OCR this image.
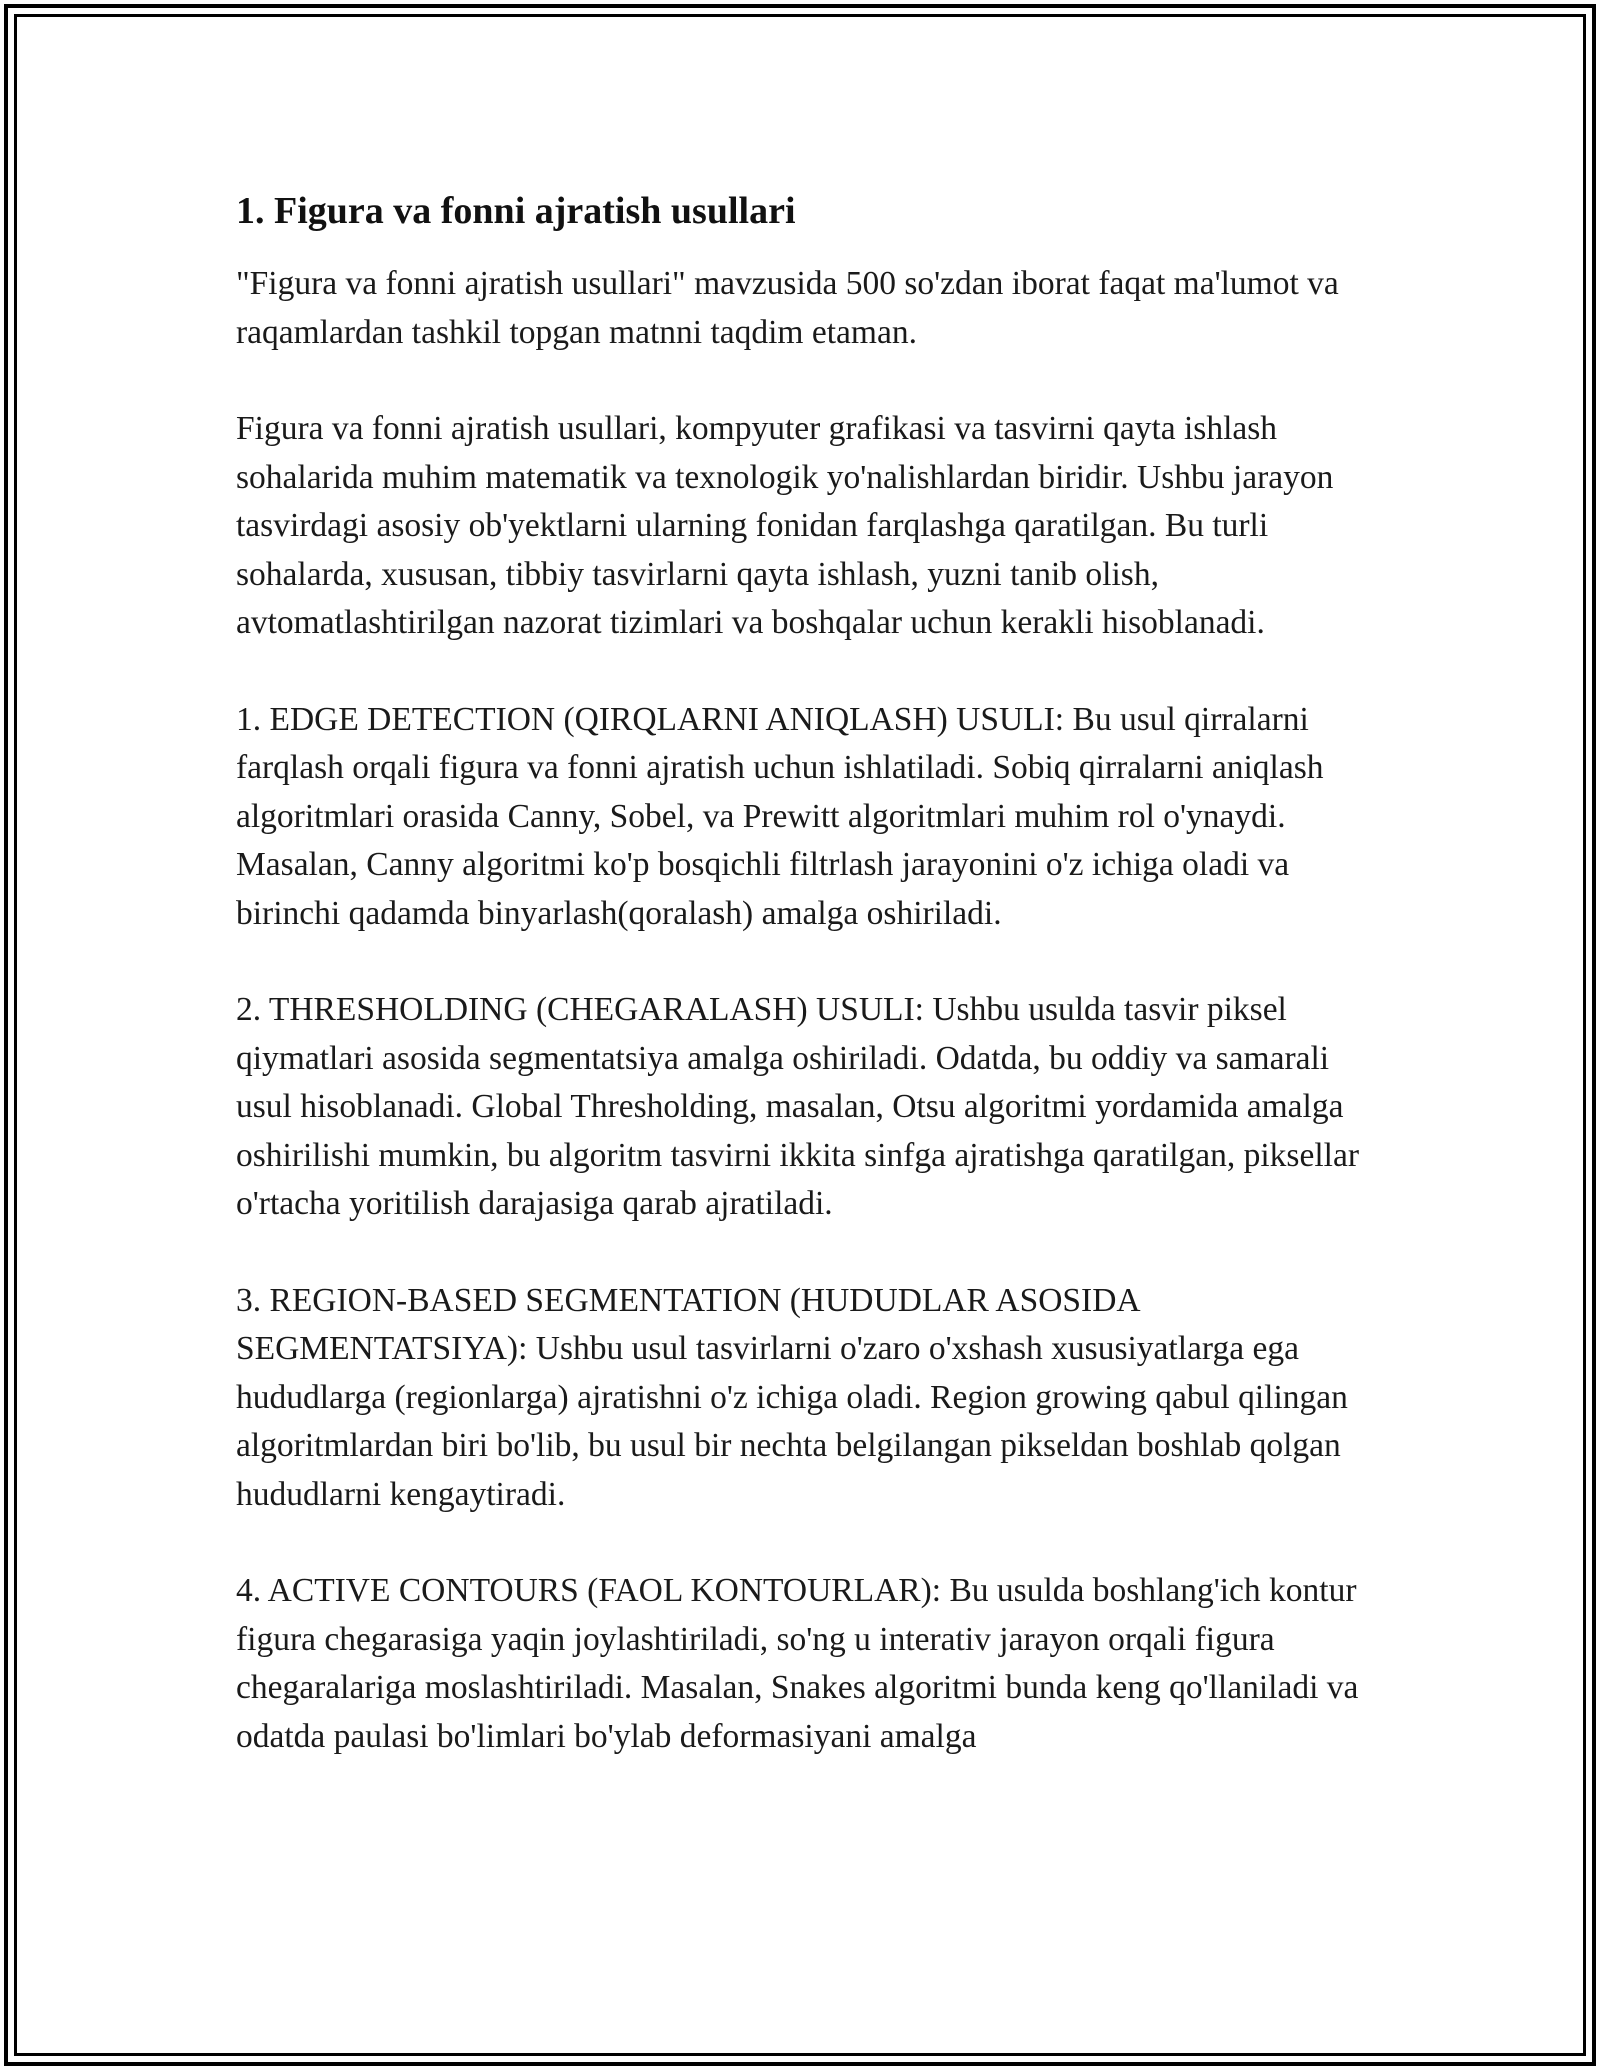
1. Figura va fonni ajratish usullari

"Figura va fonni ajratish usullari" mavzusida 500 so'zdan iborat faqat ma'lumot va raqamlardan tashkil topgan matnni taqdim etaman.

Figura va fonni ajratish usullari, kompyuter grafikasi va tasvirni qayta ishlash sohalarida muhim matematik va texnologik yo'nalishlardan biridir. Ushbu jarayon tasvirdagi asosiy ob'yektlarni ularning fonidan farqlashga qaratilgan. Bu turli sohalarda, xususan, tibbiy tasvirlarni qayta ishlash, yuzni tanib olish, avtomatlashtirilgan nazorat tizimlari va boshqalar uchun kerakli hisoblanadi.

1. EDGE DETECTION (QIRQLARNI ANIQLASH) USULI: Bu usul qirralarni farqlash orqali figura va fonni ajratish uchun ishlatiladi. Sobiq qirralarni aniqlash algoritmlari orasida Canny, Sobel, va Prewitt algoritmlari muhim rol o'ynaydi. Masalan, Canny algoritmi ko'p bosqichli filtrlash jarayonini o'z ichiga oladi va birinchi qadamda binyarlash(qoralash) amalga oshiriladi.

2. THRESHOLDING (CHEGARALASH) USULI: Ushbu usulda tasvir piksel qiymatlari asosida segmentatsiya amalga oshiriladi. Odatda, bu oddiy va samarali usul hisoblanadi. Global Thresholding, masalan, Otsu algoritmi yordamida amalga oshirilishi mumkin, bu algoritm tasvirni ikkita sinfga ajratishga qaratilgan, piksellar o'rtacha yoritilish darajasiga qarab ajratiladi.

3. REGION-BASED SEGMENTATION (HUDUDLAR ASOSIDA SEGMENTATSIYA): Ushbu usul tasvirlarni o'zaro o'xshash xususiyatlarga ega hududlarga (regionlarga) ajratishni o'z ichiga oladi. Region growing qabul qilingan algoritmlardan biri bo'lib, bu usul bir nechta belgilangan pikseldan boshlab qolgan hududlarni kengaytiradi.

4. ACTIVE CONTOURS (FAOL KONTOURLAR): Bu usulda boshlang'ich kontur figura chegarasiga yaqin joylashtiriladi, so'ng u interativ jarayon orqali figura chegaralariga moslashtiriladi. Masalan, Snakes algoritmi bunda keng qo'llaniladi va odatda paulasi bo'limlari bo'ylab deformasiyani amalga
